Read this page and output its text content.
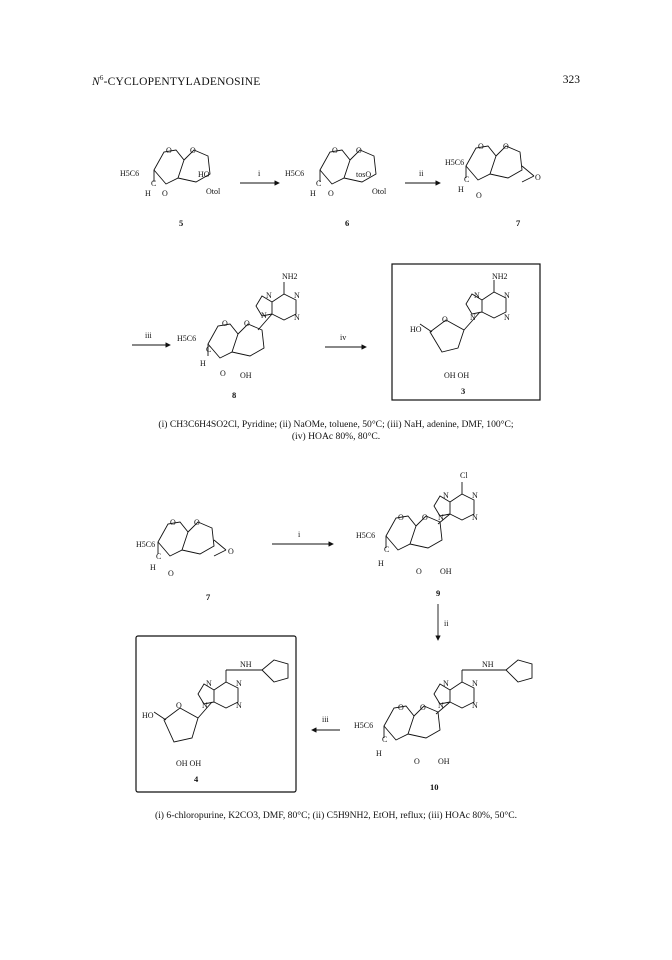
$N^6$-CYCLOPENTYLADENOSINE	323
H5C6
C
H
O O
O
HO
Otol
5
i	H5C6
C
H
O O
O
tosO
Otol
6
ii
H5C6
C
H
O O
O
O
7
iii	H5C6
C
H
O O
O OH
NH2
N	N
N
N
8
iv
HO
O
OH OH
NH2
N	N
N
N
3
H5C6
C
H
O O
O
O
7
i	H5C6
C
H
O O
O OH
Cl
N	N
N
N
9
ii
H5C6
C
H
O O
O OH
NH
N	N
N
N
10
iii
HO
O
OH OH
NH
N	N
N
N
4
(i) CH3C6H4SO2Cl, Pyridine; (ii) NaOMe, toluene, 50°C; (iii) NaH, adenine, DMF, 100°C;
(iv) HOAc 80%, 80°C.
(i) 6-chloropurine, K2CO3, DMF, 80°C; (ii) C5H9NH2, EtOH, reflux; (iii) HOAc 80%, 50°C.
